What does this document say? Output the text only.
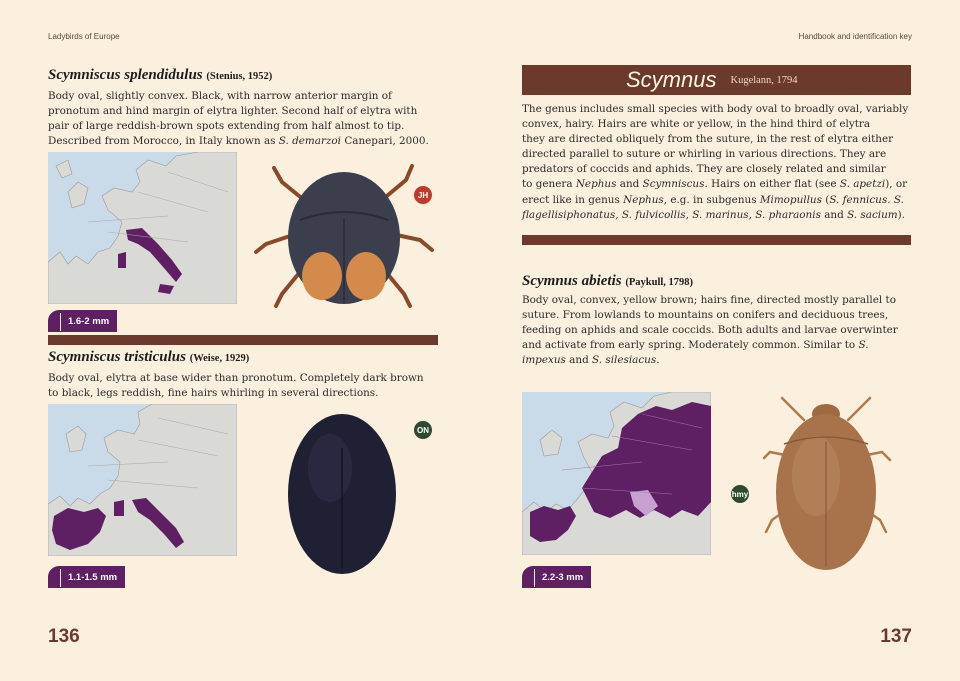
Ladybirds of Europe
Scymniscus splendidulus (Stenius, 1952)
Body oval, slightly convex. Black, with narrow anterior margin of
pronotum and hind margin of elytra lighter. Second half of elytra with
pair of large reddish-brown spots extending from half almost to tip.
Described from Morocco, in Italy known as S. demarzoi Canepari, 2000.
1.6-2 mm
JH
Scymniscus tristiculus (Weise, 1929)
Body oval, elytra at base wider than pronotum. Completely dark brown
to black, legs reddish, fine hairs whirling in several directions.
1.1-1.5 mm
ON
136
Handbook and identification key
Scymnus Kugelann, 1794
The genus includes small species with body oval to broadly oval, variably
convex, hairy. Hairs are white or yellow, in the hind third of elytra
they are directed obliquely from the suture, in the rest of elytra either
directed parallel to suture or whirling in various directions. They are
predators of coccids and aphids. They are closely related and similar
to genera Nephus and Scymniscus. Hairs on either flat (see S. apetzi), or
erect like in genus Nephus, e.g. in subgenus Mimopullus (S. fennicus. S.
flagellisiphonatus, S. fulvicollis, S. marinus, S. pharaonis and S. sacium).
Scymnus abietis (Paykull, 1798)
Body oval, convex, yellow brown; hairs fine, directed mostly parallel to
suture. From lowlands to mountains on conifers and deciduous trees,
feeding on aphids and scale coccids. Both adults and larvae overwinter
and activate from early spring. Moderately common. Similar to S.
impexus and S. silesiacus.
2.2-3 mm
hmy
137
